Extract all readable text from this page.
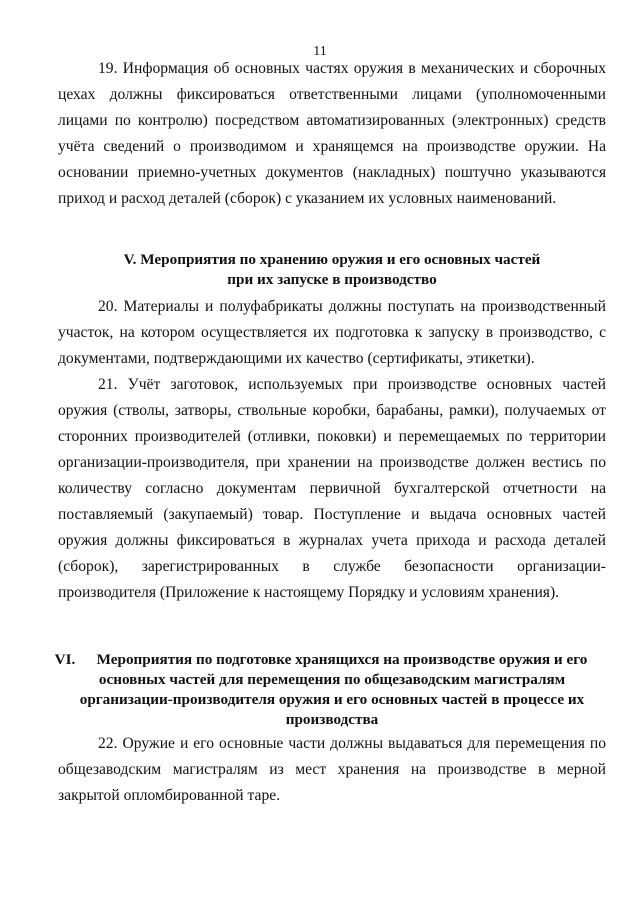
11

19. Информация об основных частях оружия в механических и сборочных цехах должны фиксироваться ответственными лицами (уполномоченными лицами по контролю) посредством автоматизированных (электронных) средств учёта сведений о производимом и хранящемся на производстве оружии. На основании приемно-учетных документов (накладных) поштучно указываются приход и расход деталей (сборок) с указанием их условных наименований.

V. Мероприятия по хранению оружия и его основных частей
при их запуске в производство

20. Материалы и полуфабрикаты должны поступать на производственный участок, на котором осуществляется их подготовка к запуску в производство, с документами, подтверждающими их качество (сертификаты, этикетки).

21. Учёт заготовок, используемых при производстве основных частей оружия (стволы, затворы, ствольные коробки, барабаны, рамки), получаемых от сторонних производителей (отливки, поковки) и перемещаемых по территории организации-производителя, при хранении на производстве должен вестись по количеству согласно документам первичной бухгалтерской отчетности на поставляемый (закупаемый) товар. Поступление и выдача основных частей оружия должны фиксироваться в журналах учета прихода и расхода деталей (сборок), зарегистрированных в службе безопасности организации-производителя (Приложение к настоящему Порядку и условиям хранения).

VI.	Мероприятия по подготовке хранящихся на производстве оружия и его
основных частей для перемещения по общезаводским магистралям
организации-производителя оружия и его основных частей в процессе их
производства

22. Оружие и его основные части должны выдаваться для перемещения по общезаводским магистралям из мест хранения на производстве в мерной закрытой опломбированной таре.
